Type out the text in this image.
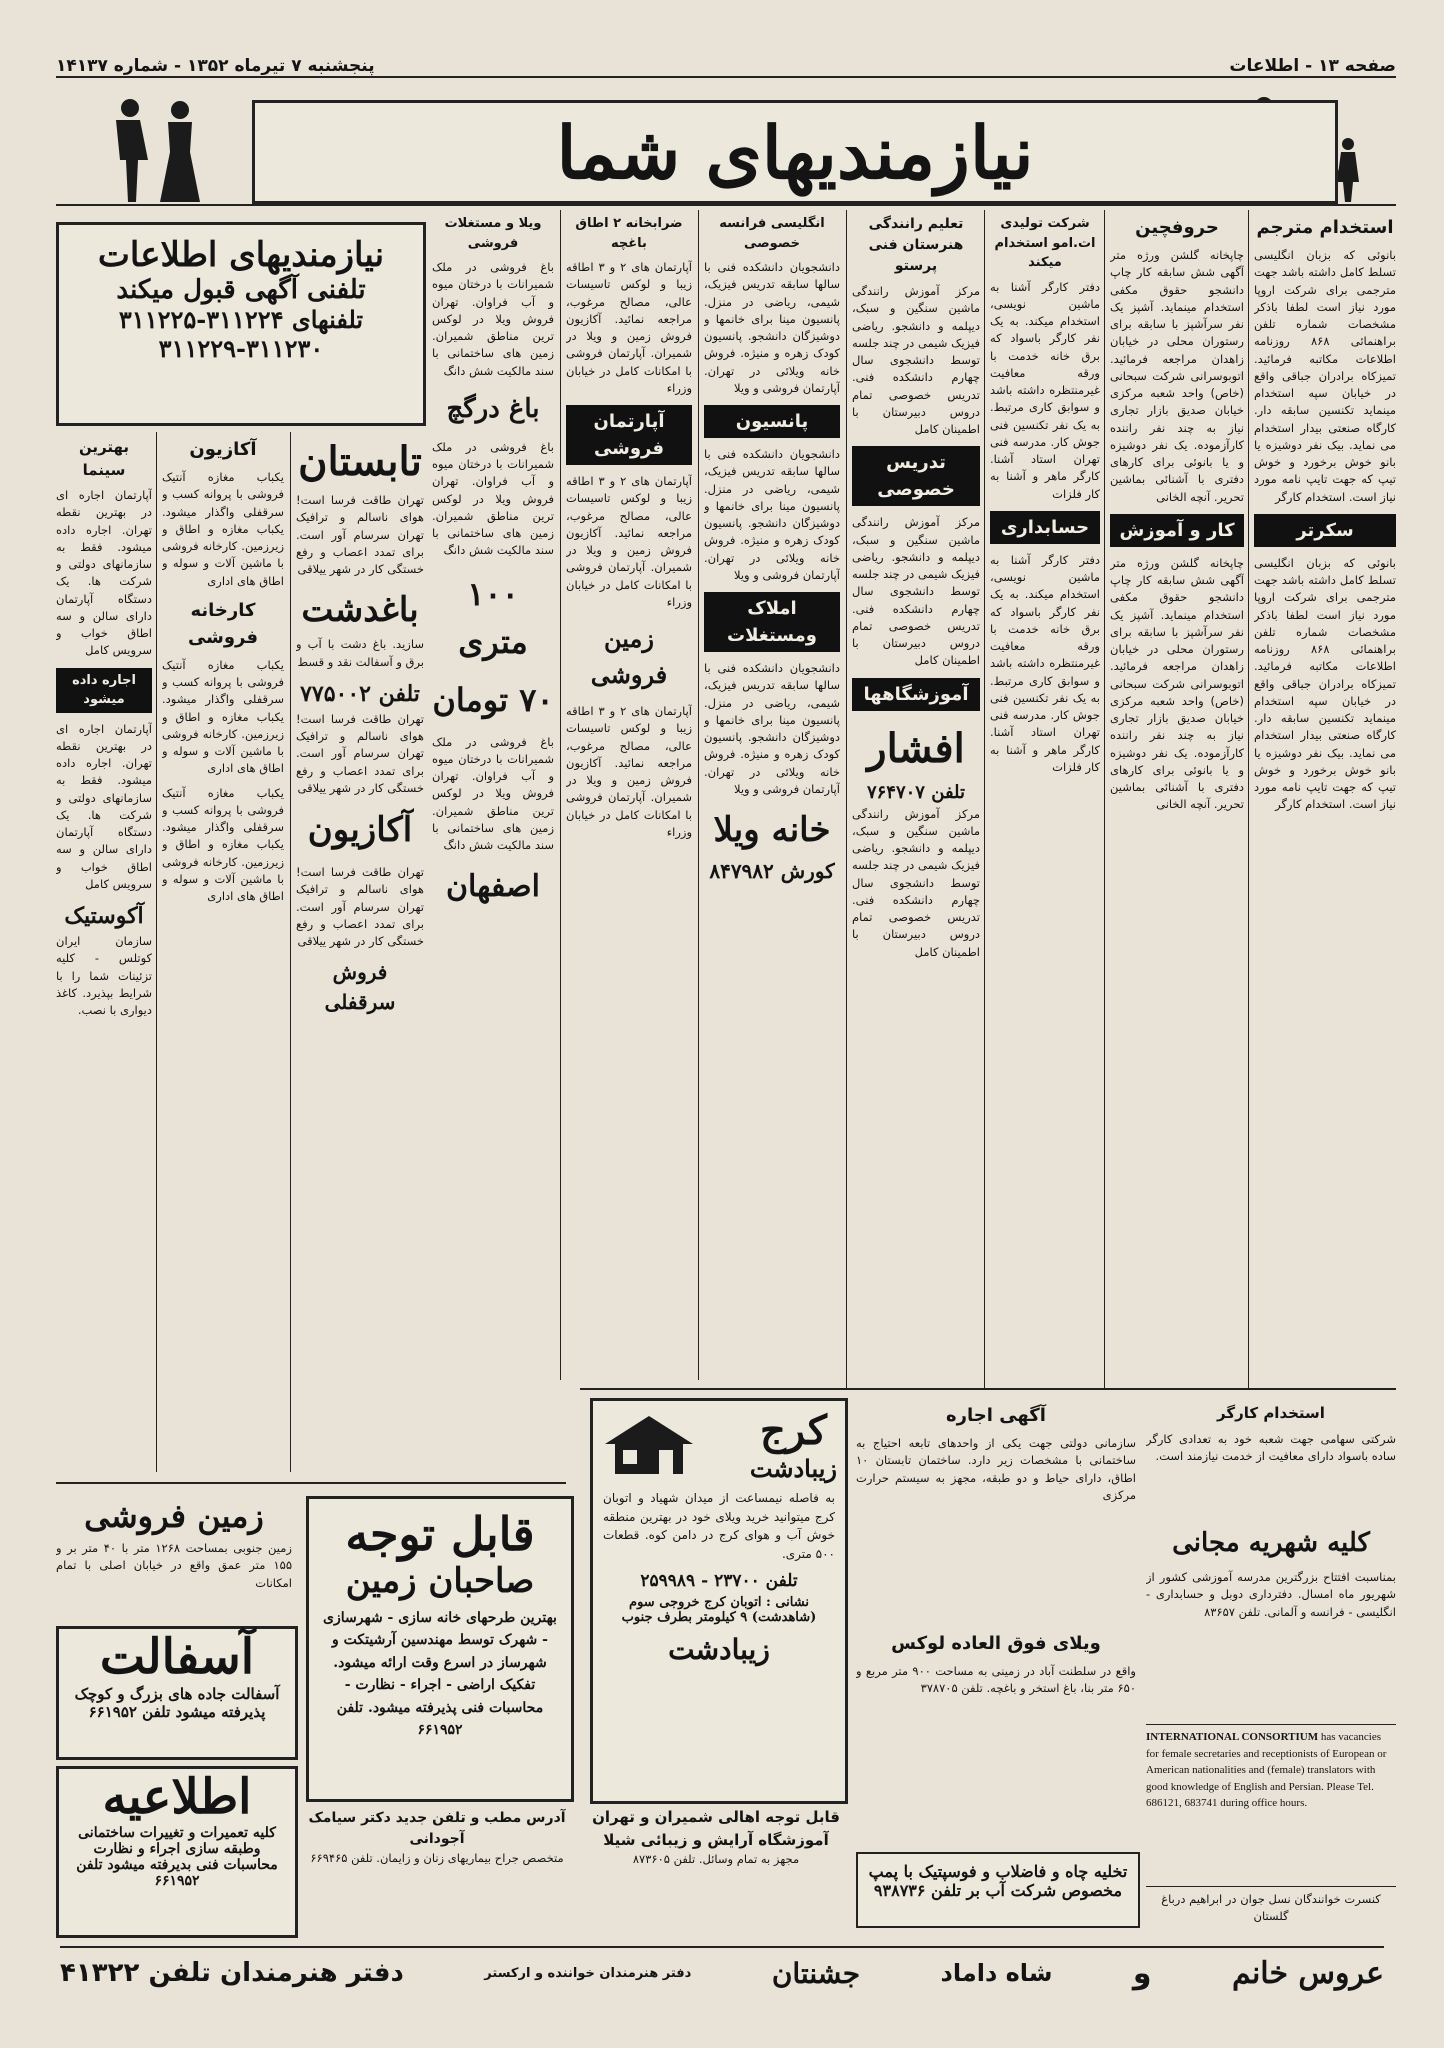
صفحه ۱۳ - اطلاعات
پنجشنبه ۷ تیرماه ۱۳۵۲ - شماره ۱۴۱۳۷
نیازمندیهای شما
استخدام مترجم

بانوئی که بزبان انگلیسی تسلط کامل داشته باشد جهت مترجمی برای شرکت اروپا مورد نیاز است لطفا باذکر مشخصات شماره تلفن براهنمائی ۸۶۸ روزنامه اطلاعات مکاتبه فرمائید. تمیزکاه برادران جباقی واقع در خیابان سپه استخدام مینماید تکنسین سابقه دار. کارگاه صنعتی بیدار استخدام می نماید. بیک نفر دوشیزه یا بانو خوش برخورد و خوش تیپ که جهت تایپ نامه مورد نیاز است. استخدام کارگر

سکرتر

بانوئی که بزبان انگلیسی تسلط کامل داشته باشد جهت مترجمی برای شرکت اروپا مورد نیاز است لطفا باذکر مشخصات شماره تلفن براهنمائی ۸۶۸ روزنامه اطلاعات مکاتبه فرمائید. تمیزکاه برادران جباقی واقع در خیابان سپه استخدام مینماید تکنسین سابقه دار. کارگاه صنعتی بیدار استخدام می نماید. بیک نفر دوشیزه یا بانو خوش برخورد و خوش تیپ که جهت تایپ نامه مورد نیاز است. استخدام کارگر

حروفچین

چاپخانه گلشن ورژه متر آگهی شش سابقه کار چاپ دانشجو حقوق مکفی استخدام مینماید. آشپز یک نفر سرآشپز با سابقه برای رستوران محلی در خیابان زاهدان مراجعه فرمائید. اتوبوسرانی شرکت سبحانی (خاص) واحد شعبه مرکزی خیابان صدیق بازار تجاری نیاز به چند نفر راننده کارآزموده. یک نفر دوشیزه و یا بانوئی برای کارهای دفتری با آشنائی بماشین تحریر. آنچه الخانی

کار و آموزش

چاپخانه گلشن ورژه متر آگهی شش سابقه کار چاپ دانشجو حقوق مکفی استخدام مینماید. آشپز یک نفر سرآشپز با سابقه برای رستوران محلی در خیابان زاهدان مراجعه فرمائید. اتوبوسرانی شرکت سبحانی (خاص) واحد شعبه مرکزی خیابان صدیق بازار تجاری نیاز به چند نفر راننده کارآزموده. یک نفر دوشیزه و یا بانوئی برای کارهای دفتری با آشنائی بماشین تحریر. آنچه الخانی

شرکت تولیدی ات.امو استخدام میکند

دفتر کارگر آشنا به ماشین نویسی، استخدام میکند. به یک نفر کارگر باسواد که برق خانه خدمت با ورقه معافیت غیرمنتظره داشته باشد و سوابق کاری مرتبط. به یک نفر تکنسین فنی جوش کار. مدرسه فنی تهران استاد آشنا. کارگر ماهر و آشنا به کار فلزات

حسابداری

دفتر کارگر آشنا به ماشین نویسی، استخدام میکند. به یک نفر کارگر باسواد که برق خانه خدمت با ورقه معافیت غیرمنتظره داشته باشد و سوابق کاری مرتبط. به یک نفر تکنسین فنی جوش کار. مدرسه فنی تهران استاد آشنا. کارگر ماهر و آشنا به کار فلزات

تعلیم رانندگی هنرستان فنی پرستو

مرکز آموزش رانندگی ماشین سنگین و سبک، دیپلمه و دانشجو. ریاضی فیزیک شیمی در چند جلسه توسط دانشجوی سال چهارم دانشکده فنی. تدریس خصوصی تمام دروس دبیرستان با اطمینان کامل

تدریس خصوصی

مرکز آموزش رانندگی ماشین سنگین و سبک، دیپلمه و دانشجو. ریاضی فیزیک شیمی در چند جلسه توسط دانشجوی سال چهارم دانشکده فنی. تدریس خصوصی تمام دروس دبیرستان با اطمینان کامل

آموزشگاهها
افشار
تلفن ۷۶۴۷۰۷

مرکز آموزش رانندگی ماشین سنگین و سبک، دیپلمه و دانشجو. ریاضی فیزیک شیمی در چند جلسه توسط دانشجوی سال چهارم دانشکده فنی. تدریس خصوصی تمام دروس دبیرستان با اطمینان کامل

انگلیسی فرانسه خصوصی

دانشجویان دانشکده فنی با سالها سابقه تدریس فیزیک، شیمی، ریاضی در منزل. پانسیون مینا برای خانمها و دوشیزگان دانشجو. پانسیون کودک زهره و منیژه. فروش خانه ویلائی در تهران. آپارتمان فروشی و ویلا

پانسیون

دانشجویان دانشکده فنی با سالها سابقه تدریس فیزیک، شیمی، ریاضی در منزل. پانسیون مینا برای خانمها و دوشیزگان دانشجو. پانسیون کودک زهره و منیژه. فروش خانه ویلائی در تهران. آپارتمان فروشی و ویلا

املاک ومستغلات

دانشجویان دانشکده فنی با سالها سابقه تدریس فیزیک، شیمی، ریاضی در منزل. پانسیون مینا برای خانمها و دوشیزگان دانشجو. پانسیون کودک زهره و منیژه. فروش خانه ویلائی در تهران. آپارتمان فروشی و ویلا

خانه ویلا
کورش ۸۴۷۹۸۲
ضرابخانه ۲ اطاق باغچه

آپارتمان های ۲ و ۳ اطاقه زیبا و لوکس تاسیسات عالی، مصالح مرغوب، مراجعه نمائید. آکازیون فروش زمین و ویلا در شمیران. آپارتمان فروشی با امکانات کامل در خیابان وزراء

آپارتمان فروشی

آپارتمان های ۲ و ۳ اطاقه زیبا و لوکس تاسیسات عالی، مصالح مرغوب، مراجعه نمائید. آکازیون فروش زمین و ویلا در شمیران. آپارتمان فروشی با امکانات کامل در خیابان وزراء

زمین فروشی

آپارتمان های ۲ و ۳ اطاقه زیبا و لوکس تاسیسات عالی، مصالح مرغوب، مراجعه نمائید. آکازیون فروش زمین و ویلا در شمیران. آپارتمان فروشی با امکانات کامل در خیابان وزراء

ویلا و مستغلات فروشی

باغ فروشی در ملک شمیرانات با درختان میوه و آب فراوان. تهران فروش ویلا در لوکس ترین مناطق شمیران. زمین های ساختمانی با سند مالکیت شش دانگ

باغ درگچ

باغ فروشی در ملک شمیرانات با درختان میوه و آب فراوان. تهران فروش ویلا در لوکس ترین مناطق شمیران. زمین های ساختمانی با سند مالکیت شش دانگ

۱۰۰ متری
۷۰ تومان

باغ فروشی در ملک شمیرانات با درختان میوه و آب فراوان. تهران فروش ویلا در لوکس ترین مناطق شمیران. زمین های ساختمانی با سند مالکیت شش دانگ

اصفهان
نیازمندیهای اطلاعات
تلفنی آگهی قبول میکند
تلفنهای ۳۱۱۲۲۴-۳۱۱۲۲۵
۳۱۱۲۲۹-۳۱۱۲۳۰
تابستان

تهران طاقت فرسا است! هوای ناسالم و ترافیک تهران سرسام آور است. برای تمدد اعصاب و رفع خستگی کار در شهر ییلاقی

باغدشت

سازید. باغ دشت با آب و برق و آسفالت نقد و قسط

تلفن ۷۷۵۰۰۲

تهران طاقت فرسا است! هوای ناسالم و ترافیک تهران سرسام آور است. برای تمدد اعصاب و رفع خستگی کار در شهر ییلاقی

آکازیون

تهران طاقت فرسا است! هوای ناسالم و ترافیک تهران سرسام آور است. برای تمدد اعصاب و رفع خستگی کار در شهر ییلاقی

فروش سرقفلی
آکازیون

یکباب مغازه آنتیک فروشی با پروانه کسب و سرقفلی واگذار میشود. یکباب مغازه و اطاق و زیرزمین. کارخانه فروشی با ماشین آلات و سوله و اطاق های اداری

کارخانه فروشی

یکباب مغازه آنتیک فروشی با پروانه کسب و سرقفلی واگذار میشود. یکباب مغازه و اطاق و زیرزمین. کارخانه فروشی با ماشین آلات و سوله و اطاق های اداری

یکباب مغازه آنتیک فروشی با پروانه کسب و سرقفلی واگذار میشود. یکباب مغازه و اطاق و زیرزمین. کارخانه فروشی با ماشین آلات و سوله و اطاق های اداری

بهترین سینما

آپارتمان اجاره ای در بهترین نقطه تهران. اجاره داده میشود. فقط به سازمانهای دولتی و شرکت ها. یک دستگاه آپارتمان دارای سالن و سه اطاق خواب و سرویس کامل

اجاره داده میشود

آپارتمان اجاره ای در بهترین نقطه تهران. اجاره داده میشود. فقط به سازمانهای دولتی و شرکت ها. یک دستگاه آپارتمان دارای سالن و سه اطاق خواب و سرویس کامل

آکوستیک

سازمان ایران کوتلس - کلیه تزئینات شما را با شرایط بپذیرد. کاغذ دیواری با نصب.

زمین فروشی

زمین جنوبی بمساحت ۱۲۶۸ متر با ۴۰ متر بر و ۱۵۵ متر عمق واقع در خیابان اصلی با تمام امکانات

آسفالت
آسفالت جاده های بزرگ و کوچک پذیرفته میشود تلفن ۶۶۱۹۵۲
اطلاعیه
کلیه تعمیرات و تغییرات ساختمانی وطبقه سازی اجراء و نظارت محاسبات فنی بدیرفته میشود تلفن ۶۶۱۹۵۲
قابل توجه
صاحبان زمین
بهترین طرحهای خانه سازی - شهرسازی - شهرک توسط مهندسین آرشیتکت و شهرساز در اسرع وقت ارائه میشود. تفکیک اراضی - اجراء - نظارت - محاسبات فنی پذیرفته میشود. تلفن ۶۶۱۹۵۲
آدرس مطب و تلفن جدید دکتر سیامک آجودانی

متخصص جراح بیماریهای زنان و زایمان. تلفن ۶۶۹۴۶۵

کرج
زیبادشت
به فاصله نیمساعت از میدان شهیاد و اتوبان کرج میتوانید خرید ویلای خود در بهترین منطقه خوش آب و هوای کرج در دامن کوه. قطعات ۵۰۰ متری.
تلفن ۲۳۷۰۰ - ۲۵۹۹۸۹
نشانی : اتوبان کرج خروجی سوم (شاهدشت) ۹ کیلومتر بطرف جنوب
زیبادشت
قابل توجه اهالی شمیران و تهران آموزشگاه آرایش و زیبائی شیلا

مجهز به تمام وسائل. تلفن ۸۷۳۶۰۵

آگهی اجاره

سازمانی دولتی جهت یکی از واحدهای تابعه احتیاج به ساختمانی با مشخصات زیر دارد. ساختمان تابستان ۱۰ اطاق، دارای حیاط و دو طبقه، مجهز به سیستم حرارت مرکزی

ویلای فوق العاده لوکس

واقع در سلطنت آباد در زمینی به مساحت ۹۰۰ متر مربع و ۶۵۰ متر بنا، باغ استخر و باغچه. تلفن ۳۷۸۷۰۵

تخلیه چاه و فاضلاب و فوسپتیک با پمپ مخصوص شرکت آب بر تلفن ۹۳۸۷۳۶
استخدام کارگر

شرکتی سهامی جهت شعبه خود به تعدادی کارگر ساده باسواد دارای معافیت از خدمت نیازمند است.

کلیه شهریه مجانی

بمناسبت افتتاح بزرگترین مدرسه آموزشی کشور از شهریور ماه امسال. دفترداری دوبل و حسابداری - انگلیسی - فرانسه و آلمانی. تلفن ۸۳۶۵۷

INTERNATIONAL CONSORTIUM has vacancies for female secretaries and receptionists of European or American nationalities and (female) translators with good knowledge of English and Persian. Please Tel. 686121, 683741 during office hours.
کنسرت خوانندگان نسل جوان در ابراهیم درباغ گلستان
عروس خانم
و
شاه داماد
جشنتان
دفتر هنرمندان خواننده و ارکستر
دفتر هنرمندان تلفن ۴۱۳۲۲
